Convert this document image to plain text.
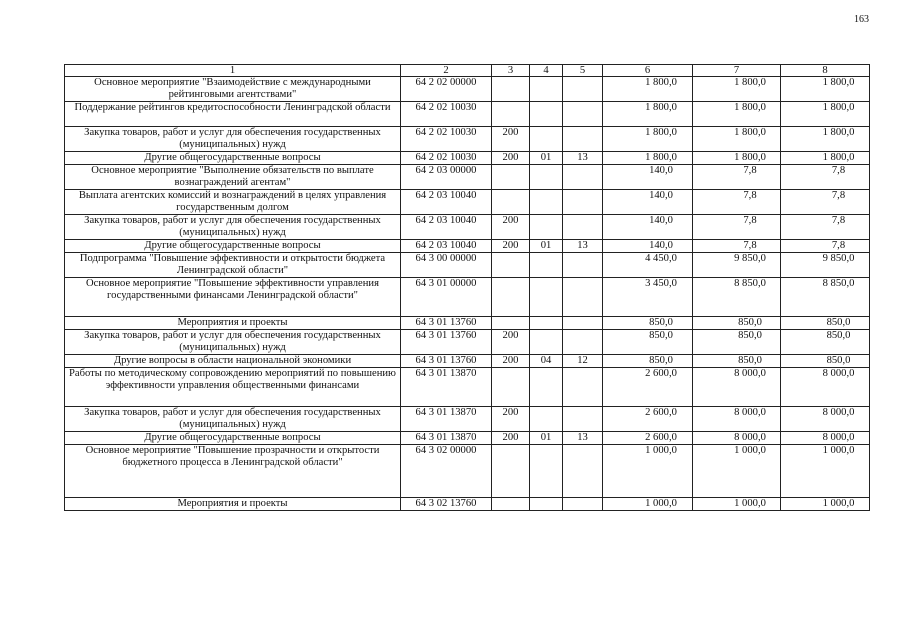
163
1	2	3	4	5	6	7	8
Основное мероприятие "Взаимодействие с международными рейтинговыми агентствами"	64 2 02 00000				1 800,0	1 800,0	1 800,0
Поддержание рейтингов кредитоспособности Ленинградской области	64 2 02 10030				1 800,0	1 800,0	1 800,0
Закупка товаров, работ и услуг для обеспечения государственных (муниципальных) нужд	64 2 02 10030	200			1 800,0	1 800,0	1 800,0
Другие общегосударственные вопросы	64 2 02 10030	200	01	13	1 800,0	1 800,0	1 800,0
Основное мероприятие "Выполнение обязательств по выплате вознаграждений агентам"	64 2 03 00000				140,0	7,8	7,8
Выплата агентских комиссий и вознаграждений в целях управления государственным долгом	64 2 03 10040				140,0	7,8	7,8
Закупка товаров, работ и услуг для обеспечения государственных (муниципальных) нужд	64 2 03 10040	200			140,0	7,8	7,8
Другие общегосударственные вопросы	64 2 03 10040	200	01	13	140,0	7,8	7,8
Подпрограмма "Повышение эффективности и открытости бюджета Ленинградской области"	64 3 00 00000				4 450,0	9 850,0	9 850,0
Основное мероприятие "Повышение эффективности управления государственными финансами Ленинградской области"	64 3 01 00000				3 450,0	8 850,0	8 850,0
Мероприятия и проекты	64 3 01 13760				850,0	850,0	850,0
Закупка товаров, работ и услуг для обеспечения государственных (муниципальных) нужд	64 3 01 13760	200			850,0	850,0	850,0
Другие вопросы в области национальной экономики	64 3 01 13760	200	04	12	850,0	850,0	850,0
Работы по методическому сопровождению мероприятий по повышению эффективности управления общественными финансами	64 3 01 13870				2 600,0	8 000,0	8 000,0
Закупка товаров, работ и услуг для обеспечения государственных (муниципальных) нужд	64 3 01 13870	200			2 600,0	8 000,0	8 000,0
Другие общегосударственные вопросы	64 3 01 13870	200	01	13	2 600,0	8 000,0	8 000,0
Основное мероприятие "Повышение прозрачности и открытости бюджетного процесса в Ленинградской области"	64 3 02 00000				1 000,0	1 000,0	1 000,0
Мероприятия и проекты	64 3 02 13760				1 000,0	1 000,0	1 000,0
